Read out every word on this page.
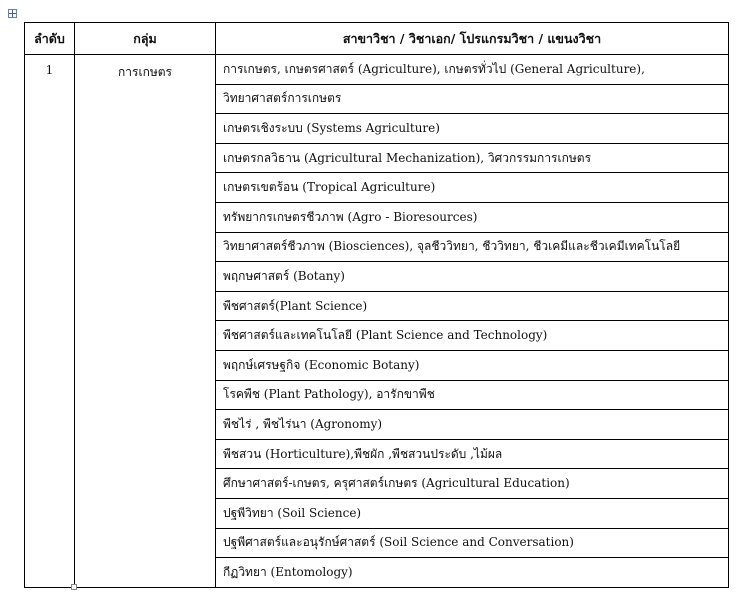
ลำดับ	กลุ่ม	สาขาวิชา / วิชาเอก/ โปรแกรมวิชา / แขนงวิชา
1	การเกษตร	การเกษตร, เกษตรศาสตร์ (Agriculture), เกษตรทั่วไป (General Agriculture),
		วิทยาศาสตร์การเกษตร
		เกษตรเชิงระบบ (Systems Agriculture)
		เกษตรกลวิธาน (Agricultural Mechanization), วิศวกรรมการเกษตร
		เกษตรเขตร้อน (Tropical Agriculture)
		ทรัพยากรเกษตรชีวภาพ (Agro - Bioresources)
		วิทยาศาสตร์ชีวภาพ (Biosciences), จุลชีววิทยา, ชีววิทยา, ชีวเคมีและชีวเคมีเทคโนโลยี
		พฤกษศาสตร์ (Botany)
		พืชศาสตร์(Plant Science)
		พืชศาสตร์และเทคโนโลยี (Plant Science and Technology)
		พฤกษ์เศรษฐกิจ (Economic Botany)
		โรคพืช (Plant Pathology), อารักขาพืช
		พืชไร่ , พืชไร่นา (Agronomy)
		พืชสวน (Horticulture),พืชผัก ,พืชสวนประดับ ,ไม้ผล
		ศึกษาศาสตร์-เกษตร, ครุศาสตร์เกษตร (Agricultural Education)
		ปฐพีวิทยา (Soil Science)
		ปฐพีศาสตร์และอนุรักษ์ศาสตร์ (Soil Science and Conversation)
		กีฏวิทยา (Entomology)
